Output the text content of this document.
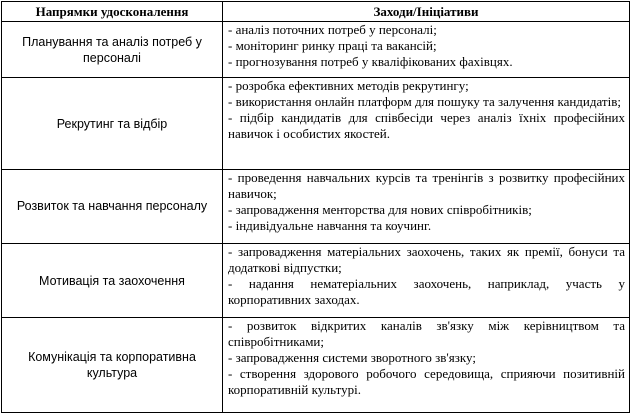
Напрямки удосконалення	Заходи/Ініціативи
Планування та аналіз потреб у персоналі	- аналіз поточних потреб у персоналі;
- моніторинг ринку праці та вакансій;
- прогнозування потреб у кваліфікованих фахівцях.

Рекрутинг та відбір	- розробка ефективних методів рекрутингу;
- використання онлайн платформ для пошуку та залучення кандидатів;
- підбір кандидатів для співбесіди через аналіз їхніх професійних навичок і особистих якостей.

Розвиток та навчання персоналу	- проведення навчальних курсів та тренінгів з розвитку професійних навичок;
- запровадження менторства для нових співробітників;
- індивідуальне навчання та коучинг.

Мотивація та заохочення	- запровадження матеріальних заохочень, таких як премії, бонуси та додаткові відпустки;
- надання нематеріальних заохочень, наприклад, участь у корпоративних заходах.

Комунікація та корпоративна культура	- розвиток відкритих каналів зв'язку між керівництвом та співробітниками;
- запровадження системи зворотного зв'язку;
- створення здорового робочого середовища, сприяючи позитивній корпоративній культурі.
